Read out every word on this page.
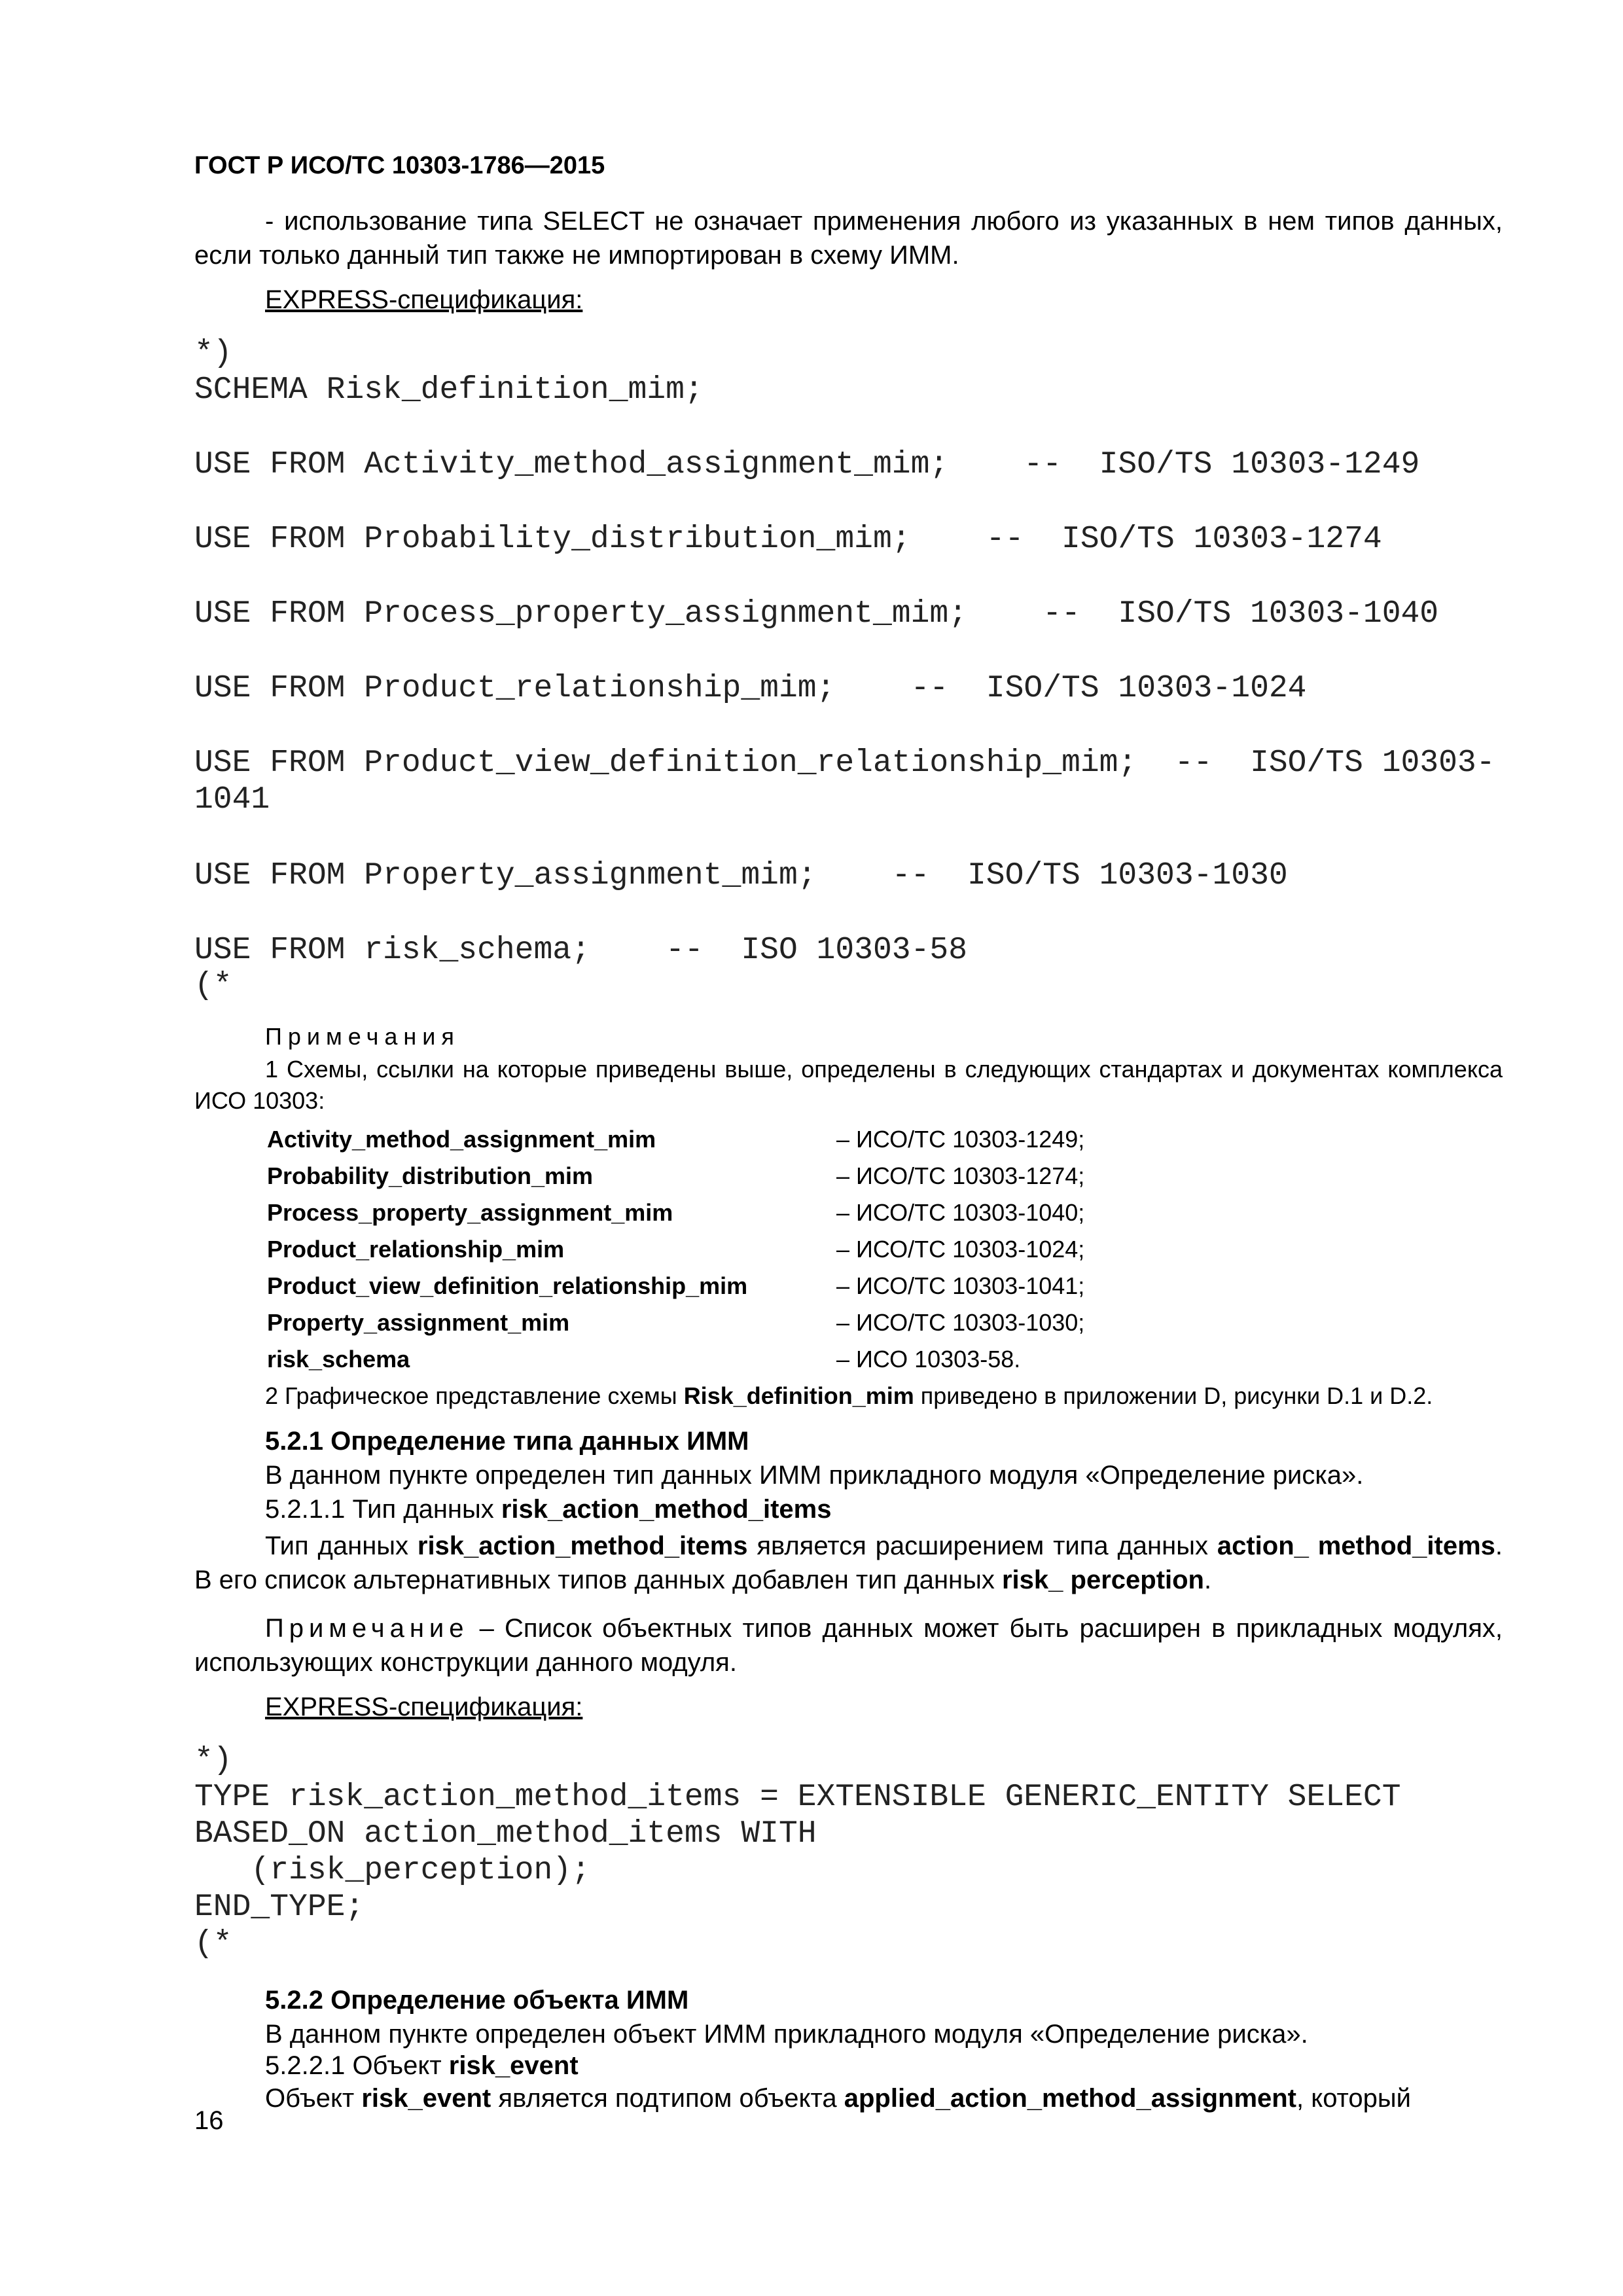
ГОСТ Р ИСО/ТС 10303-1786—2015
- использование типа SELECT не означает применения любого из указанных в нем типов данных, если только данный тип также не импортирован в схему ИММ.
EXPRESS-спецификация:
*)
SCHEMA Risk_definition_mim;
USE FROM Activity_method_assignment_mim;    --  ISO/TS 10303-1249
USE FROM Probability_distribution_mim;    --  ISO/TS 10303-1274
USE FROM Process_property_assignment_mim;    --  ISO/TS 10303-1040
USE FROM Product_relationship_mim;    --  ISO/TS 10303-1024
USE FROM Product_view_definition_relationship_mim;  --  ISO/TS 10303-
1041
USE FROM Property_assignment_mim;    --  ISO/TS 10303-1030
USE FROM risk_schema;    --  ISO 10303-58
(*
Примечания
1 Схемы, ссылки на которые приведены выше, определены в следующих стандартах и документах комплекса ИСО 10303:
Activity_method_assignment_mim	– ИСО/ТС 10303-1249;
Probability_distribution_mim	– ИСО/ТС 10303-1274;
Process_property_assignment_mim	– ИСО/ТС 10303-1040;
Product_relationship_mim	– ИСО/ТС 10303-1024;
Product_view_definition_relationship_mim	– ИСО/ТС 10303-1041;
Property_assignment_mim	– ИСО/ТС 10303-1030;
risk_schema	– ИСО 10303-58.
2 Графическое представление схемы Risk_definition_mim приведено в приложении D, рисунки D.1 и D.2.
5.2.1 Определение типа данных ИММ
В данном пункте определен тип данных ИММ прикладного модуля «Определение риска».
5.2.1.1 Тип данных risk_action_method_items
Тип данных risk_action_method_items является расширением типа данных action_ method_items. В его список альтернативных типов данных добавлен тип данных risk_ perception.
Примечание – Список объектных типов данных может быть расширен в прикладных модулях, использующих конструкции данного модуля.
EXPRESS-спецификация:
*)
TYPE risk_action_method_items = EXTENSIBLE GENERIC_ENTITY SELECT
BASED_ON action_method_items WITH
(risk_perception);
END_TYPE;
(*
5.2.2 Определение объекта ИММ
В данном пункте определен объект ИММ прикладного модуля «Определение риска».
5.2.2.1 Объект risk_event
Объект risk_event является подтипом объекта applied_action_method_assignment, который
16
